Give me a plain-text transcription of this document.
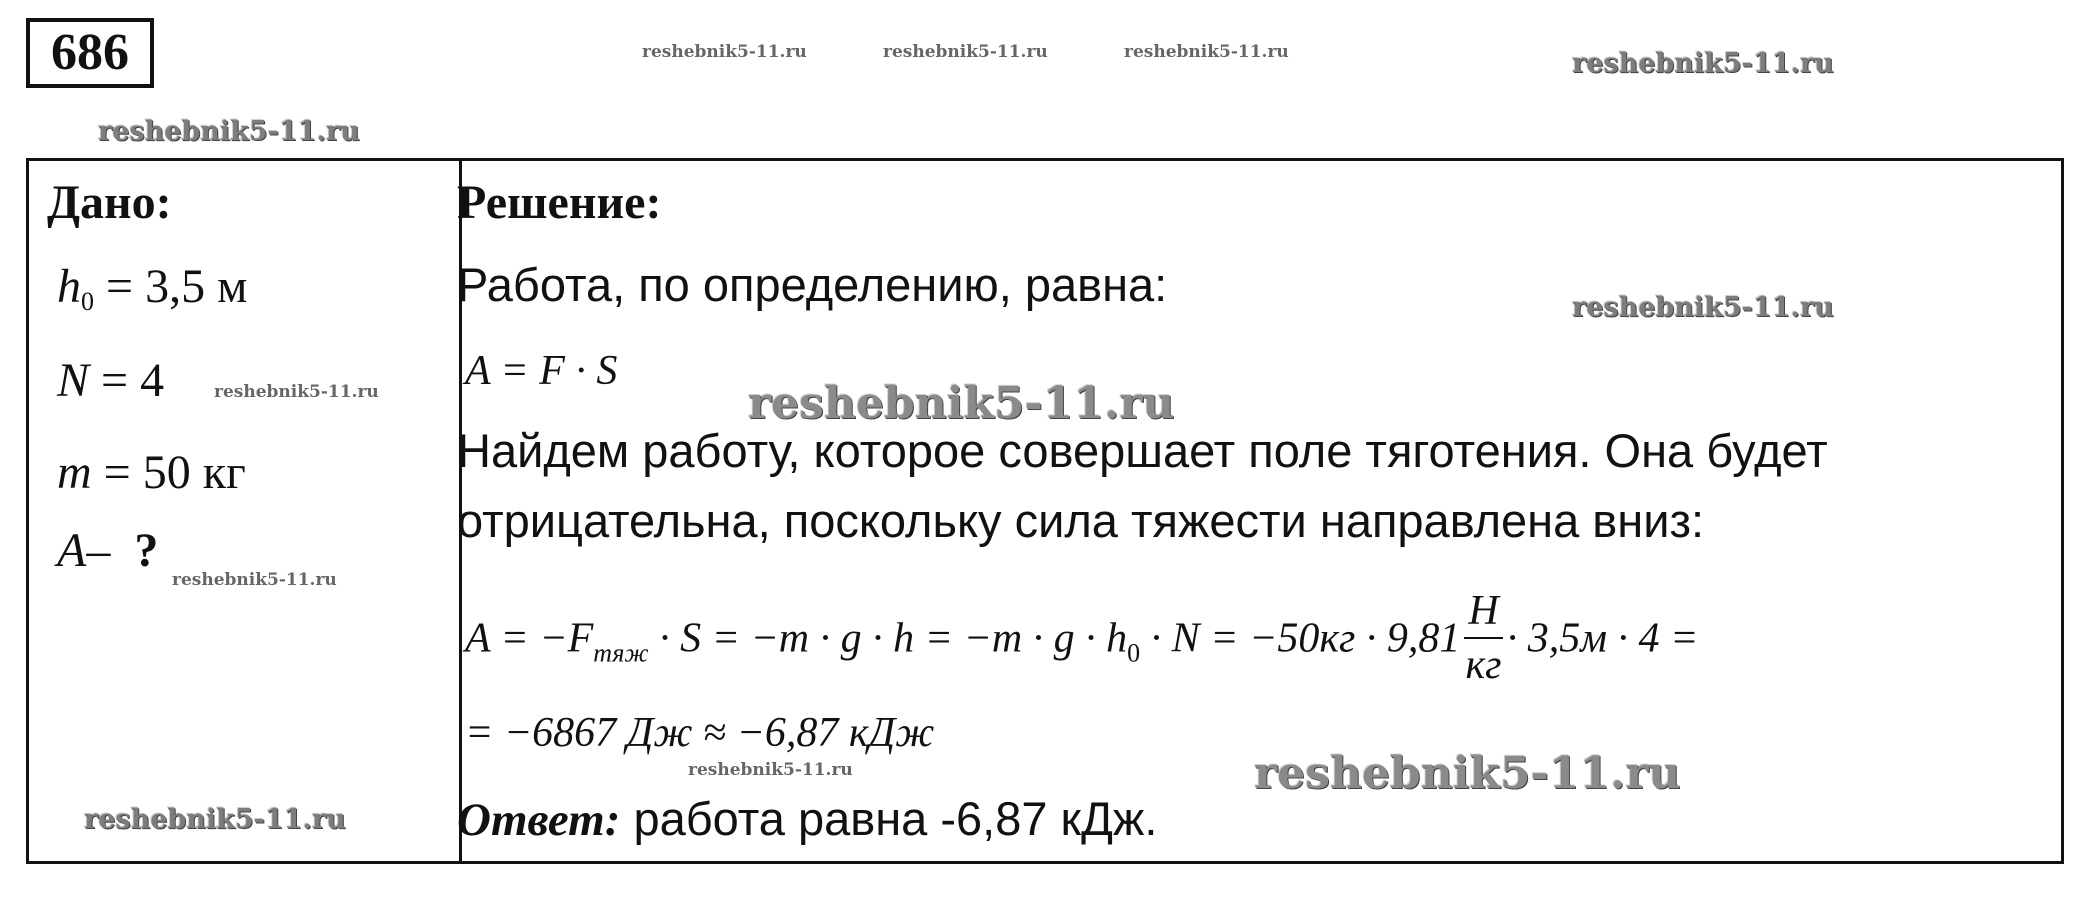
686
Дано:
$h_0 = 3,5$ м
N = 4
m = 50 кг
A–  ?
Решение:
Работа, по определению, равна:
A = F · S
Найдем работу, которое совершает поле тяготения. Она будет
отрицательна, поскольку сила тяжести направлена вниз:
$A = -F_{тяж} \cdot S = -m \cdot g \cdot h = -m \cdot g \cdot h_0 \cdot N = -50кг \cdot 9,81 \frac{Н}{кг} \cdot 3,5м \cdot 4$ =
= −6867 Дж ≈ −6,87 кДж
Ответ: работа равна -6,87 кДж.
reshebnik5-11.ru	reshebnik5-11.ru	reshebnik5-11.ru	reshebnik5-11.ru
reshebnik5-11.ru
reshebnik5-11.ru
reshebnik5-11.ru	reshebnik5-11.ru
reshebnik5-11.ru
reshebnik5-11.ru	reshebnik5-11.ru
reshebnik5-11.ru
